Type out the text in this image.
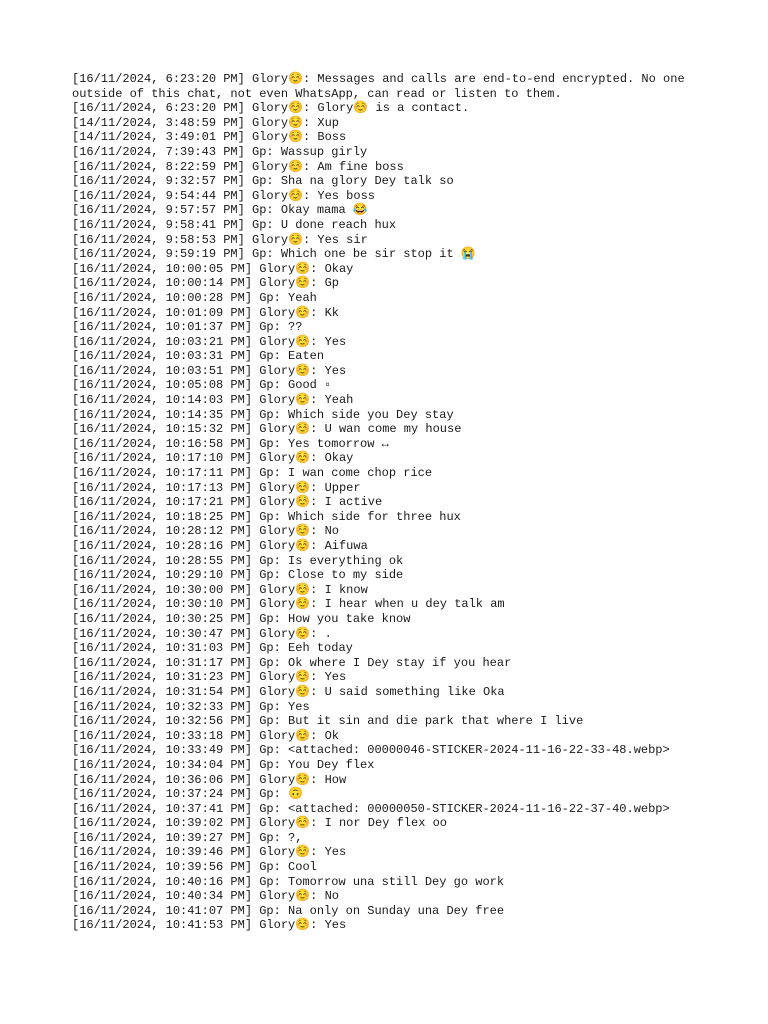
[16/11/2024, 6:23:20 PM] Glory☺️: Messages and calls are end-to-end encrypted. No one outside of this chat, not even WhatsApp, can read or listen to them.
[16/11/2024, 6:23:20 PM] Glory☺️: Glory☺️ is a contact.
[14/11/2024, 3:48:59 PM] Glory☺️: Xup
[14/11/2024, 3:49:01 PM] Glory☺️: Boss
[16/11/2024, 7:39:43 PM] Gp: Wassup girly
[16/11/2024, 8:22:59 PM] Glory☺️: Am fine boss
[16/11/2024, 9:32:57 PM] Gp: Sha na glory Dey talk so
[16/11/2024, 9:54:44 PM] Glory☺️: Yes boss
[16/11/2024, 9:57:57 PM] Gp: Okay mama 😂
[16/11/2024, 9:58:41 PM] Gp: U done reach hux
[16/11/2024, 9:58:53 PM] Glory☺️: Yes sir
[16/11/2024, 9:59:19 PM] Gp: Which one be sir stop it 😭
[16/11/2024, 10:00:05 PM] Glory☺️: Okay
[16/11/2024, 10:00:14 PM] Glory☺️: Gp
[16/11/2024, 10:00:28 PM] Gp: Yeah
[16/11/2024, 10:01:09 PM] Glory☺️: Kk
[16/11/2024, 10:01:37 PM] Gp: ??
[16/11/2024, 10:03:21 PM] Glory☺️: Yes
[16/11/2024, 10:03:31 PM] Gp: Eaten
[16/11/2024, 10:03:51 PM] Glory☺️: Yes
[16/11/2024, 10:05:08 PM] Gp: Good ▫
[16/11/2024, 10:14:03 PM] Glory☺️: Yeah
[16/11/2024, 10:14:35 PM] Gp: Which side you Dey stay
[16/11/2024, 10:15:32 PM] Glory☺️: U wan come my house
[16/11/2024, 10:16:58 PM] Gp: Yes tomorrow ↔
[16/11/2024, 10:17:10 PM] Glory☺️: Okay
[16/11/2024, 10:17:11 PM] Gp: I wan come chop rice
[16/11/2024, 10:17:13 PM] Glory☺️: Upper
[16/11/2024, 10:17:21 PM] Glory☺️: I active
[16/11/2024, 10:18:25 PM] Gp: Which side for three hux
[16/11/2024, 10:28:12 PM] Glory☺️: No
[16/11/2024, 10:28:16 PM] Glory☺️: Aifuwa
[16/11/2024, 10:28:55 PM] Gp: Is everything ok
[16/11/2024, 10:29:10 PM] Gp: Close to my side
[16/11/2024, 10:30:00 PM] Glory☺️: I know
[16/11/2024, 10:30:10 PM] Glory☺️: I hear when u dey talk am
[16/11/2024, 10:30:25 PM] Gp: How you take know
[16/11/2024, 10:30:47 PM] Glory☺️: .
[16/11/2024, 10:31:03 PM] Gp: Eeh today
[16/11/2024, 10:31:17 PM] Gp: Ok where I Dey stay if you hear
[16/11/2024, 10:31:23 PM] Glory☺️: Yes
[16/11/2024, 10:31:54 PM] Glory☺️: U said something like Oka
[16/11/2024, 10:32:33 PM] Gp: Yes
[16/11/2024, 10:32:56 PM] Gp: But it sin and die park that where I live
[16/11/2024, 10:33:18 PM] Glory☺️: Ok
[16/11/2024, 10:33:49 PM] Gp: <attached: 00000046-STICKER-2024-11-16-22-33-48.webp>
[16/11/2024, 10:34:04 PM] Gp: You Dey flex
[16/11/2024, 10:36:06 PM] Glory☺️: How
[16/11/2024, 10:37:24 PM] Gp: 🙃
[16/11/2024, 10:37:41 PM] Gp: <attached: 00000050-STICKER-2024-11-16-22-37-40.webp>
[16/11/2024, 10:39:02 PM] Glory☺️: I nor Dey flex oo
[16/11/2024, 10:39:27 PM] Gp: ?,
[16/11/2024, 10:39:46 PM] Glory☺️: Yes
[16/11/2024, 10:39:56 PM] Gp: Cool
[16/11/2024, 10:40:16 PM] Gp: Tomorrow una still Dey go work
[16/11/2024, 10:40:34 PM] Glory☺️: No
[16/11/2024, 10:41:07 PM] Gp: Na only on Sunday una Dey free
[16/11/2024, 10:41:53 PM] Glory☺️: Yes
